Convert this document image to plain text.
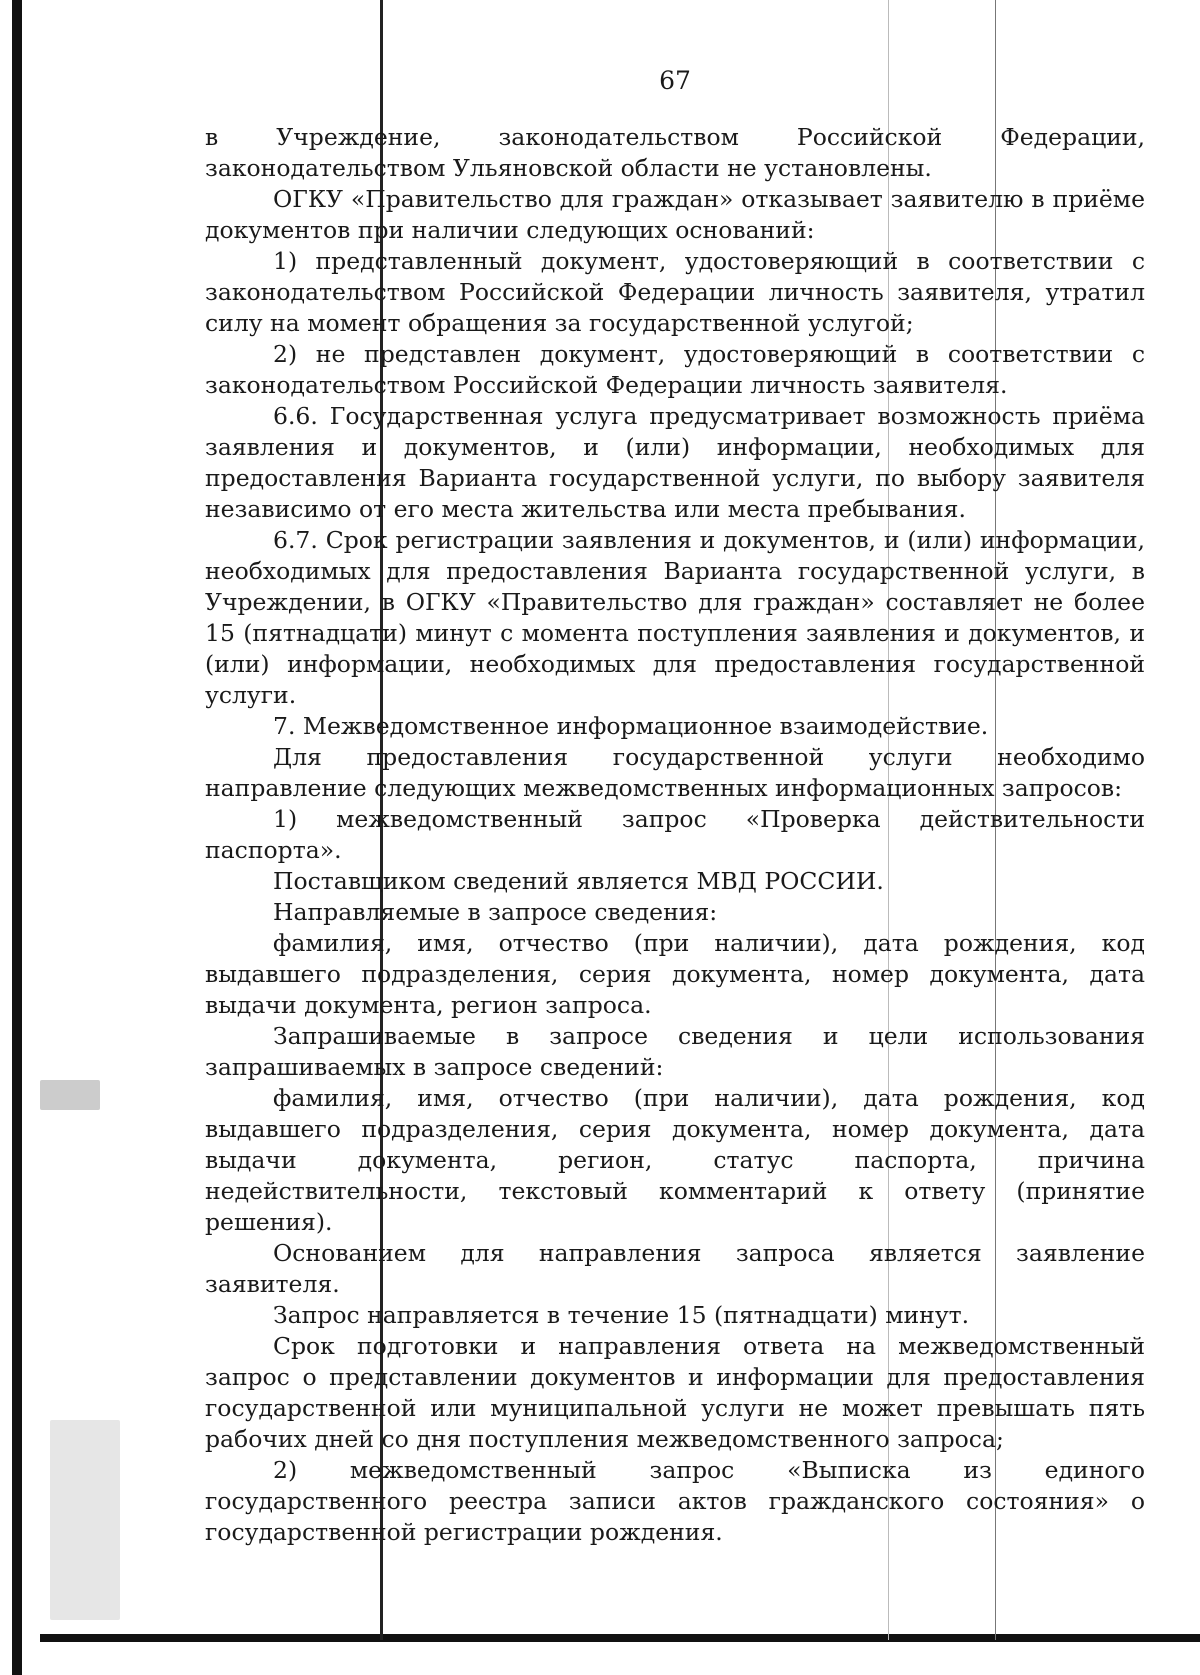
67

в Учреждение, законодательством Российской Федерации, законодательством Ульяновской области не установлены.

ОГКУ «Правительство для граждан» отказывает заявителю в приёме документов при наличии следующих оснований:

1) представленный документ, удостоверяющий в соответствии с законодательством Российской Федерации личность заявителя, утратил силу на момент обращения за государственной услугой;

2) не представлен документ, удостоверяющий в соответствии с законодательством Российской Федерации личность заявителя.

6.6. Государственная услуга предусматривает возможность приёма заявления и документов, и (или) информации, необходимых для предоставления Варианта государственной услуги, по выбору заявителя независимо от его места жительства или места пребывания.

6.7. Срок регистрации заявления и документов, и (или) информации, необходимых для предоставления Варианта государственной услуги, в Учреждении, в ОГКУ «Правительство для граждан» составляет не более 15 (пятнадцати) минут с момента поступления заявления и документов, и (или) информации, необходимых для предоставления государственной услуги.

7. Межведомственное информационное взаимодействие.

Для предоставления государственной услуги необходимо направление следующих межведомственных информационных запросов:

1) межведомственный запрос «Проверка действительности паспорта».

Поставщиком сведений является МВД РОССИИ.

Направляемые в запросе сведения:

фамилия, имя, отчество (при наличии), дата рождения, код выдавшего подразделения, серия документа, номер документа, дата выдачи документа, регион запроса.

Запрашиваемые в запросе сведения и цели использования запрашиваемых в запросе сведений:

фамилия, имя, отчество (при наличии), дата рождения, код выдавшего подразделения, серия документа, номер документа, дата выдачи документа, регион, статус паспорта, причина недействительности, текстовый комментарий к ответу (принятие решения).

Основанием для направления запроса является заявление заявителя.

Запрос направляется в течение 15 (пятнадцати) минут.

Срок подготовки и направления ответа на межведомственный запрос о представлении документов и информации для предоставления государственной или муниципальной услуги не может превышать пять рабочих дней со дня поступления межведомственного запроса;

2) межведомственный запрос «Выписка из единого государственного реестра записи актов гражданского состояния» о государственной регистрации рождения.
